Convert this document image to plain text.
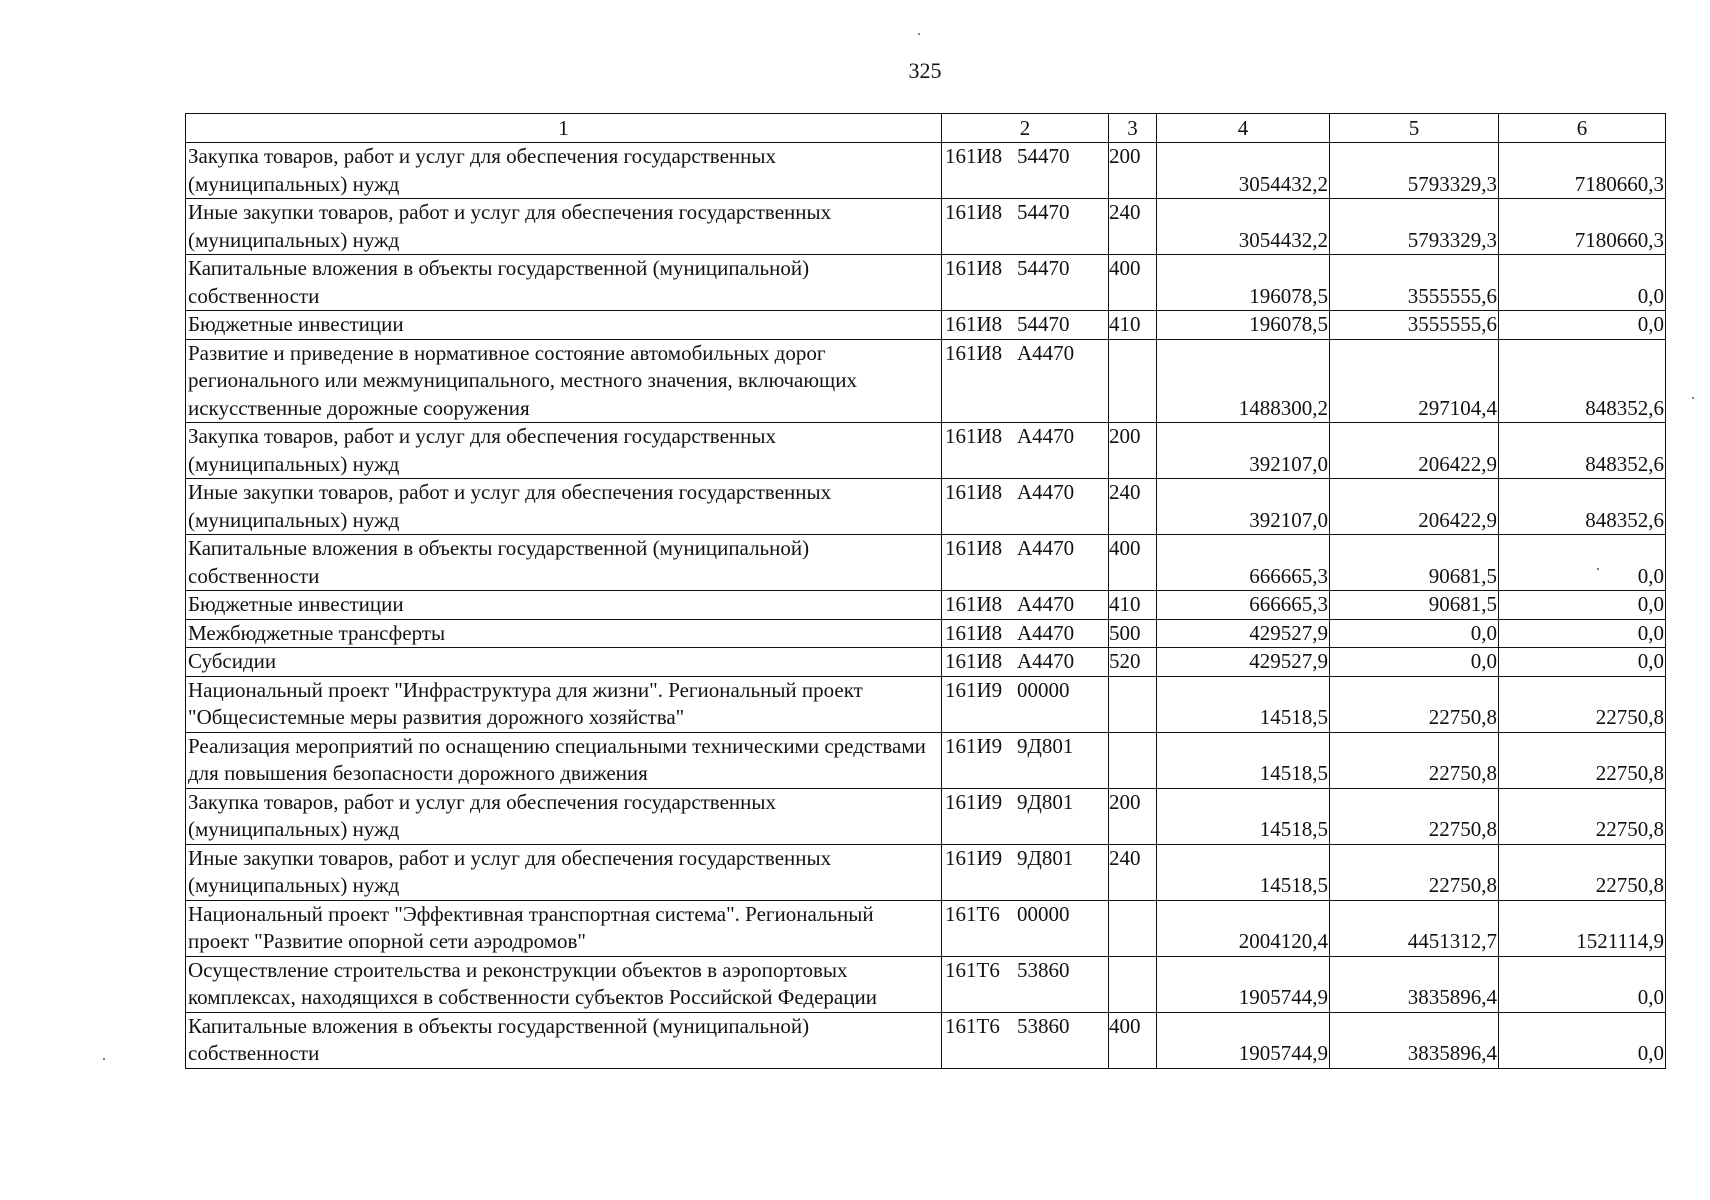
325
1	2	3	4	5	6
Закупка товаров, работ и услуг для обеспечения государственных (муниципальных) нужд	161И8 54470	200	3054432,2	5793329,3	7180660,3
Иные закупки товаров, работ и услуг для обеспечения государственных (муниципальных) нужд	161И8 54470	240	3054432,2	5793329,3	7180660,3
Капитальные вложения в объекты государственной (муниципальной) собственности	161И8 54470	400	196078,5	3555555,6	0,0
Бюджетные инвестиции	161И8 54470	410	196078,5	3555555,6	0,0
Развитие и приведение в нормативное состояние автомобильных дорог регионального или межмуниципального, местного значения, включающих искусственные дорожные сооружения	161И8 А4470		1488300,2	297104,4	848352,6
Закупка товаров, работ и услуг для обеспечения государственных (муниципальных) нужд	161И8 А4470	200	392107,0	206422,9	848352,6
Иные закупки товаров, работ и услуг для обеспечения государственных (муниципальных) нужд	161И8 А4470	240	392107,0	206422,9	848352,6
Капитальные вложения в объекты государственной (муниципальной) собственности	161И8 А4470	400	666665,3	90681,5	0,0
Бюджетные инвестиции	161И8 А4470	410	666665,3	90681,5	0,0
Межбюджетные трансферты	161И8 А4470	500	429527,9	0,0	0,0
Субсидии	161И8 А4470	520	429527,9	0,0	0,0
Национальный проект "Инфраструктура для жизни". Региональный проект "Общесистемные меры развития дорожного хозяйства"	161И9 00000		14518,5	22750,8	22750,8
Реализация мероприятий по оснащению специальными техническими средствами для повышения безопасности дорожного движения	161И9 9Д801		14518,5	22750,8	22750,8
Закупка товаров, работ и услуг для обеспечения государственных (муниципальных) нужд	161И9 9Д801	200	14518,5	22750,8	22750,8
Иные закупки товаров, работ и услуг для обеспечения государственных (муниципальных) нужд	161И9 9Д801	240	14518,5	22750,8	22750,8
Национальный проект "Эффективная транспортная система". Региональный проект "Развитие опорной сети аэродромов"	161Т6 00000		2004120,4	4451312,7	1521114,9
Осуществление строительства и реконструкции объектов в аэропортовых комплексах, находящихся в собственности субъектов Российской Федерации	161Т6 53860		1905744,9	3835896,4	0,0
Капитальные вложения в объекты государственной (муниципальной) собственности	161Т6 53860	400	1905744,9	3835896,4	0,0
